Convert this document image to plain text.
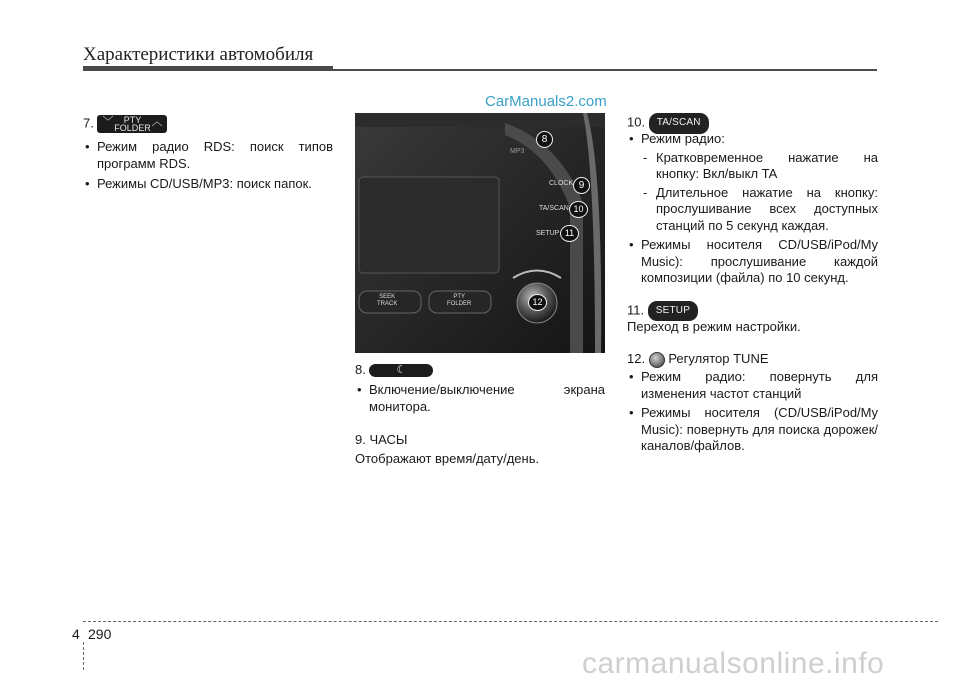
Характеристики автомобиля
CarManuals2.com
7. ﹀	PTY
FOLDER ︿
• Режим радио RDS: поиск типов программ RDS.
• Режимы CD/USB/MP3: поиск папок.
MP3
CLOCK
TA/SCAN
SETUP
SEEK
TRACK
PTY
FOLDER
8
9
10
11
12
8.	☾
• Включение/выключение экрана монитора.
9. ЧАСЫ
Отображают время/дату/день.
10. TA/SCAN
• Режим радио:
- Кратковременное нажатие на кнопку: Вкл/выкл TA
- Длительное нажатие на кнопку: прослушивание всех доступных станций по 5 секунд каждая.
• Режимы носителя CD/USB/iPod/My Music): прослушивание каждой композиции (файла) по 10 секунд.
11. SETUP
Переход в режим настройки.
12. Регулятор TUNE
• Режим радио: повернуть для изменения частот станций
• Режимы носителя (CD/USB/iPod/My Music): повернуть для поиска дорожек/каналов/файлов.
4 290
carmanualsonline.info
